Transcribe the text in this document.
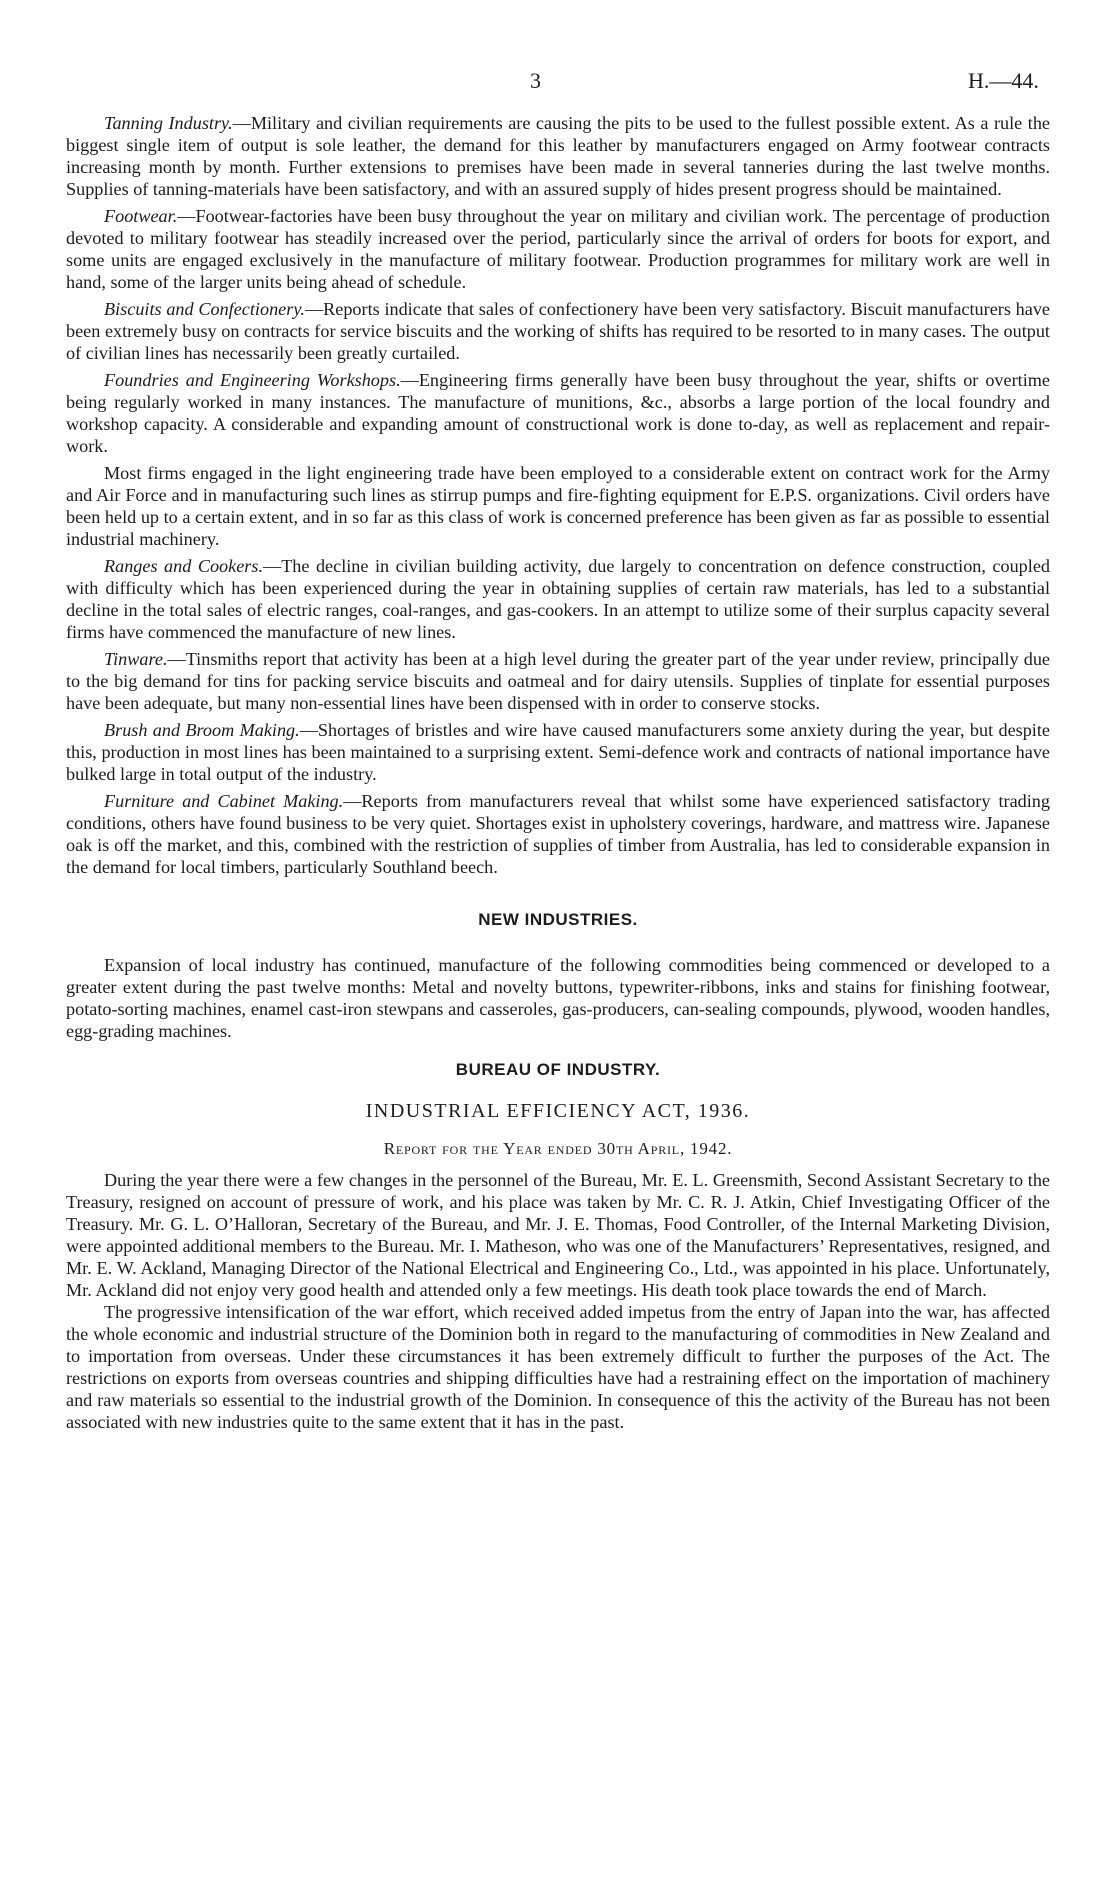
3	H.—44.

Tanning Industry.—Military and civilian requirements are causing the pits to be used to the fullest possible extent. As a rule the biggest single item of output is sole leather, the demand for this leather by manufacturers engaged on Army footwear contracts increasing month by month. Further extensions to premises have been made in several tanneries during the last twelve months. Supplies of tanning-materials have been satisfactory, and with an assured supply of hides present progress should be maintained.

Footwear.—Footwear-factories have been busy throughout the year on military and civilian work. The percentage of production devoted to military footwear has steadily increased over the period, particularly since the arrival of orders for boots for export, and some units are engaged exclusively in the manufacture of military footwear. Production programmes for military work are well in hand, some of the larger units being ahead of schedule.

Biscuits and Confectionery.—Reports indicate that sales of confectionery have been very satisfactory. Biscuit manufacturers have been extremely busy on contracts for service biscuits and the working of shifts has required to be resorted to in many cases. The output of civilian lines has necessarily been greatly curtailed.

Foundries and Engineering Workshops.—Engineering firms generally have been busy throughout the year, shifts or overtime being regularly worked in many instances. The manufacture of munitions, &c., absorbs a large portion of the local foundry and workshop capacity. A considerable and expanding amount of constructional work is done to-day, as well as replacement and repair-work.

Most firms engaged in the light engineering trade have been employed to a considerable extent on contract work for the Army and Air Force and in manufacturing such lines as stirrup pumps and fire-fighting equipment for E.P.S. organizations. Civil orders have been held up to a certain extent, and in so far as this class of work is concerned preference has been given as far as possible to essential industrial machinery.

Ranges and Cookers.—The decline in civilian building activity, due largely to concentration on defence construction, coupled with difficulty which has been experienced during the year in obtaining supplies of certain raw materials, has led to a substantial decline in the total sales of electric ranges, coal-ranges, and gas-cookers. In an attempt to utilize some of their surplus capacity several firms have commenced the manufacture of new lines.

Tinware.—Tinsmiths report that activity has been at a high level during the greater part of the year under review, principally due to the big demand for tins for packing service biscuits and oatmeal and for dairy utensils. Supplies of tinplate for essential purposes have been adequate, but many non-essential lines have been dispensed with in order to conserve stocks.

Brush and Broom Making.—Shortages of bristles and wire have caused manufacturers some anxiety during the year, but despite this, production in most lines has been maintained to a surprising extent. Semi-defence work and contracts of national importance have bulked large in total output of the industry.

Furniture and Cabinet Making.—Reports from manufacturers reveal that whilst some have experienced satisfactory trading conditions, others have found business to be very quiet. Shortages exist in upholstery coverings, hardware, and mattress wire. Japanese oak is off the market, and this, combined with the restriction of supplies of timber from Australia, has led to considerable expansion in the demand for local timbers, particularly Southland beech.

NEW INDUSTRIES.

Expansion of local industry has continued, manufacture of the following commodities being commenced or developed to a greater extent during the past twelve months: Metal and novelty buttons, typewriter-ribbons, inks and stains for finishing footwear, potato-sorting machines, enamel cast-iron stewpans and casseroles, gas-producers, can-sealing compounds, plywood, wooden handles, egg-grading machines.

BUREAU OF INDUSTRY.
INDUSTRIAL EFFICIENCY ACT, 1936.
Report for the Year ended 30th April, 1942.

During the year there were a few changes in the personnel of the Bureau, Mr. E. L. Greensmith, Second Assistant Secretary to the Treasury, resigned on account of pressure of work, and his place was taken by Mr. C. R. J. Atkin, Chief Investigating Officer of the Treasury. Mr. G. L. O’Halloran, Secretary of the Bureau, and Mr. J. E. Thomas, Food Controller, of the Internal Marketing Division, were appointed additional members to the Bureau. Mr. I. Matheson, who was one of the Manufacturers’ Representatives, resigned, and Mr. E. W. Ackland, Managing Director of the National Electrical and Engineering Co., Ltd., was appointed in his place. Unfortunately, Mr. Ackland did not enjoy very good health and attended only a few meetings. His death took place towards the end of March.

The progressive intensification of the war effort, which received added impetus from the entry of Japan into the war, has affected the whole economic and industrial structure of the Dominion both in regard to the manufacturing of commodities in New Zealand and to importation from overseas. Under these circumstances it has been extremely difficult to further the purposes of the Act. The restrictions on exports from overseas countries and shipping difficulties have had a restraining effect on the importation of machinery and raw materials so essential to the industrial growth of the Dominion. In consequence of this the activity of the Bureau has not been associated with new industries quite to the same extent that it has in the past.
